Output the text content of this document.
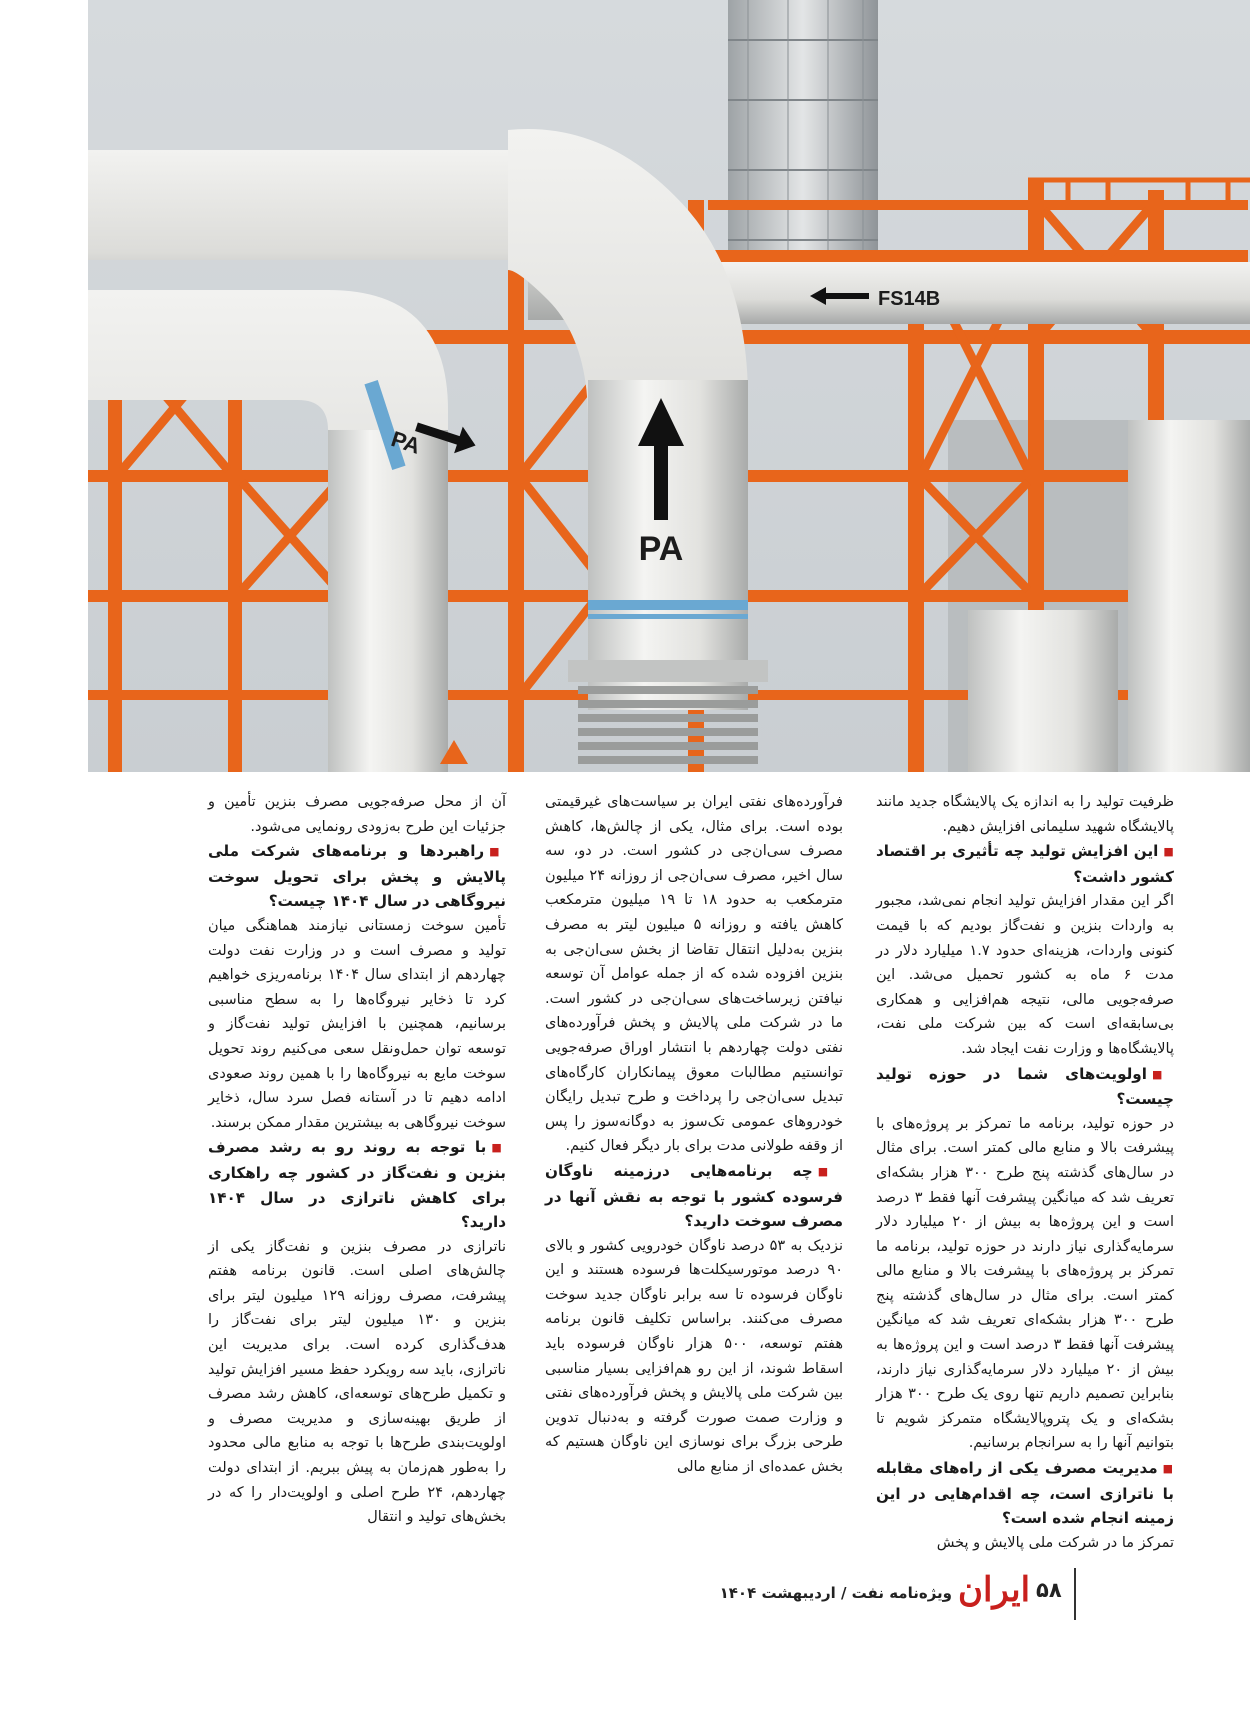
PA
PA
FS14B

ظرفیت تولید را به اندازه یک پالایشگاه جدید مانند پالایشگاه شهید سلیمانی افزایش دهیم.

■این افزایش تولید چه تأثیری بر اقتصاد کشور داشت؟

اگر این مقدار افزایش تولید انجام نمی‌شد، مجبور به واردات بنزین و نفت‌گاز بودیم که با قیمت کنونی واردات، هزینه‌ای حدود ۱.۷ میلیارد دلار در مدت ۶ ماه به کشور تحمیل می‌شد. این صرفه‌جویی مالی، نتیجه هم‌افزایی و همکاری بی‌سابقه‌ای است که بین شرکت ملی نفت، پالایشگاه‌ها و وزارت نفت ایجاد شد.

■اولویت‌های شما در حوزه تولید چیست؟

در حوزه تولید، برنامه ما تمرکز بر پروژه‌های با پیشرفت بالا و منابع مالی کمتر است. برای مثال در سال‌های گذشته پنج طرح ۳۰۰ هزار بشکه‌ای تعریف شد که میانگین پیشرفت آنها فقط ۳ درصد است و این پروژه‌ها به بیش از ۲۰ میلیارد دلار سرمایه‌گذاری نیاز دارند در حوزه تولید، برنامه ما تمرکز بر پروژه‌های با پیشرفت بالا و منابع مالی کمتر است. برای مثال در سال‌های گذشته پنج طرح ۳۰۰ هزار بشکه‌ای تعریف شد که میانگین پیشرفت آنها فقط ۳ درصد است و این پروژه‌ها به بیش از ۲۰ میلیارد دلار سرمایه‌گذاری نیاز دارند، بنابراین تصمیم داریم تنها روی یک طرح ۳۰۰ هزار بشکه‌ای و یک پتروپالایشگاه متمرکز شویم تا بتوانیم آنها را به سرانجام برسانیم.

■مدیریت مصرف یکی از راه‌های مقابله با ناترازی است، چه اقدام‌هایی در این زمینه انجام شده است؟

تمرکز ما در شرکت ملی پالایش و پخش

فرآورده‌های نفتی ایران بر سیاست‌های غیرقیمتی بوده است. برای مثال، یکی از چالش‌ها، کاهش مصرف سی‌ان‌جی در کشور است. در دو، سه سال اخیر، مصرف سی‌ان‌جی از روزانه ۲۴ میلیون مترمکعب به حدود ۱۸ تا ۱۹ میلیون مترمکعب کاهش یافته و روزانه ۵ میلیون لیتر به مصرف بنزین به‌دلیل انتقال تقاضا از بخش سی‌ان‌جی به بنزین افزوده شده که از جمله عوامل آن توسعه نیافتن زیرساخت‌های سی‌ان‌جی در کشور است. ما در شرکت ملی پالایش و پخش فرآورده‌های نفتی دولت چهاردهم با انتشار اوراق صرفه‌جویی توانستیم مطالبات معوق پیمانکاران کارگاه‌های تبدیل سی‌ان‌جی را پرداخت و طرح تبدیل رایگان خودروهای عمومی تک‌سوز به دوگانه‌سوز را پس از وقفه طولانی مدت برای بار دیگر فعال کنیم.

■چه برنامه‌هایی درزمینه ناوگان فرسوده کشور با توجه به نقش آنها در مصرف سوخت دارید؟

نزدیک به ۵۳ درصد ناوگان خودرویی کشور و بالای ۹۰ درصد موتورسیکلت‌ها فرسوده هستند و این ناوگان فرسوده تا سه برابر ناوگان جدید سوخت مصرف می‌کنند. براساس تکلیف قانون برنامه هفتم توسعه، ۵۰۰ هزار ناوگان فرسوده باید اسقاط شوند، از این رو هم‌افزایی بسیار مناسبی بین شرکت ملی پالایش و پخش فرآورده‌های نفتی و وزارت صمت صورت گرفته و به‌دنبال تدوین طرحی بزرگ برای نوسازی این ناوگان هستیم که بخش عمده‌ای از منابع مالی

آن از محل صرفه‌جویی مصرف بنزین تأمین و جزئیات این طرح به‌زودی رونمایی می‌شود.

■راهبردها و برنامه‌های شرکت ملی پالایش و پخش برای تحویل سوخت نیروگاهی در سال ۱۴۰۴ چیست؟

تأمین سوخت زمستانی نیازمند هماهنگی میان تولید و مصرف است و در وزارت نفت دولت چهاردهم از ابتدای سال ۱۴۰۴ برنامه‌ریزی خواهیم کرد تا ذخایر نیروگاه‌ها را به سطح مناسبی برسانیم، همچنین با افزایش تولید نفت‌گاز و توسعه توان حمل‌ونقل سعی می‌کنیم روند تحویل سوخت مایع به نیروگاه‌ها را با همین روند صعودی ادامه دهیم تا در آستانه فصل سرد سال، ذخایر سوخت نیروگاهی به بیشترین مقدار ممکن برسند.

■با توجه به روند رو به رشد مصرف بنزین و نفت‌گاز در کشور چه راهکاری برای کاهش ناترازی در سال ۱۴۰۴ دارید؟

ناترازی در مصرف بنزین و نفت‌گاز یکی از چالش‌های اصلی است. قانون برنامه هفتم پیشرفت، مصرف روزانه ۱۲۹ میلیون لیتر برای بنزین و ۱۳۰ میلیون لیتر برای نفت‌گاز را هدف‌گذاری کرده است. برای مدیریت این ناترازی، باید سه رویکرد حفظ مسیر افزایش تولید و تکمیل طرح‌های توسعه‌ای، کاهش رشد مصرف از طریق بهینه‌سازی و مدیریت مصرف و اولویت‌بندی طرح‌ها با توجه به منابع مالی محدود را به‌طور هم‌زمان به پیش ببریم. از ابتدای دولت چهاردهم، ۲۴ طرح اصلی و اولویت‌دار را که در بخش‌های تولید و انتقال

۵۸
ایران
ویژه‌نامه نفت / اردیبهشت ۱۴۰۴
